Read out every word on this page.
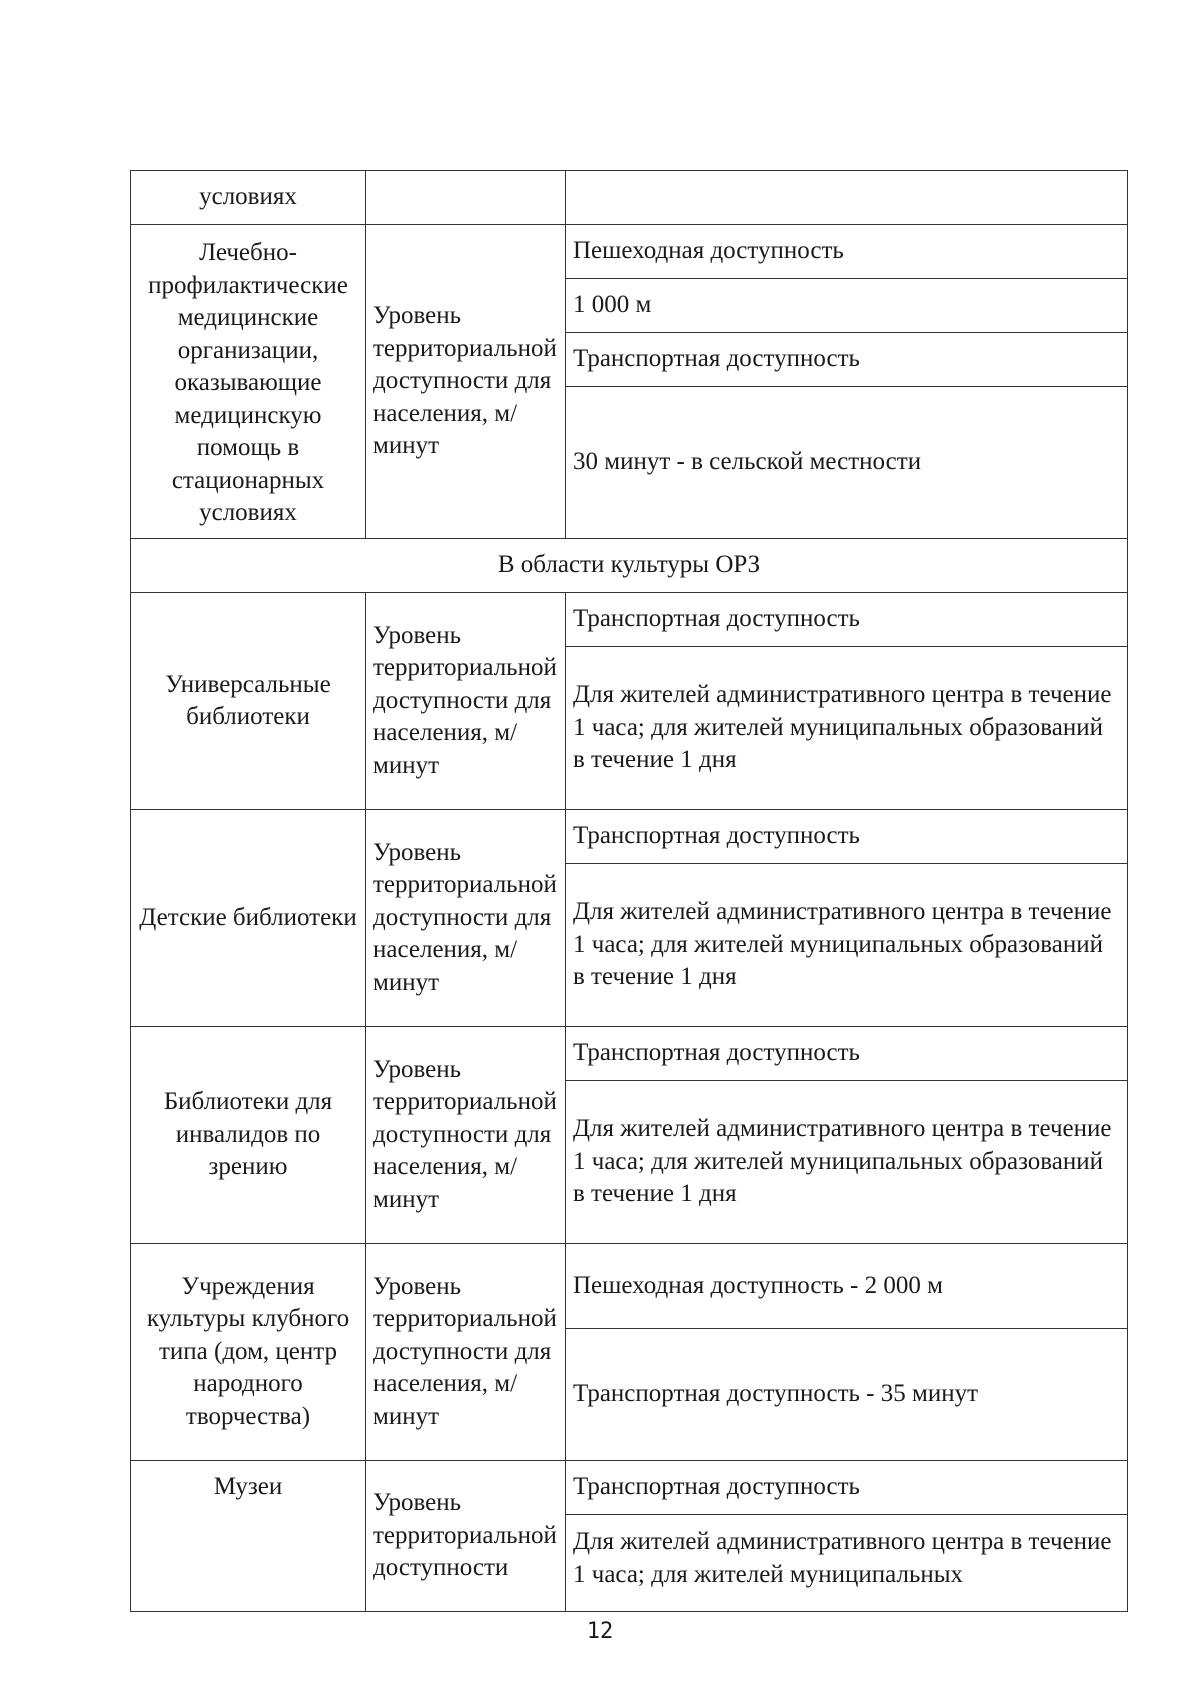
условиях		
Лечебно-профилактические медицинские организации, оказывающие медицинскую помощь в стационарных условиях	Уровень территориальной доступности для населения, м/минут	Пешеходная доступность
		1 000 м
		Транспортная доступность
		30 минут - в сельской местности
В области культуры ОРЗ		
Универсальные библиотеки	Уровень территориальной доступности для населения, м/минут	Транспортная доступность
		Для жителей административного центра в течение 1 часа; для жителей муниципальных образований в течение 1 дня
Детские библиотеки	Уровень территориальной доступности для населения, м/минут	Транспортная доступность
		Для жителей административного центра в течение 1 часа; для жителей муниципальных образований в течение 1 дня
Библиотеки для инвалидов по зрению	Уровень территориальной доступности для населения, м/минут	Транспортная доступность
		Для жителей административного центра в течение 1 часа; для жителей муниципальных образований в течение 1 дня
Учреждения культуры клубного типа (дом, центр народного творчества)	Уровень территориальной доступности для населения, м/минут	Пешеходная доступность - 2 000 м
		Транспортная доступность - 35 минут
Музеи	Уровень территориальной доступности	Транспортная доступность
		Для жителей административного центра в течение 1 часа; для жителей муниципальных
12
